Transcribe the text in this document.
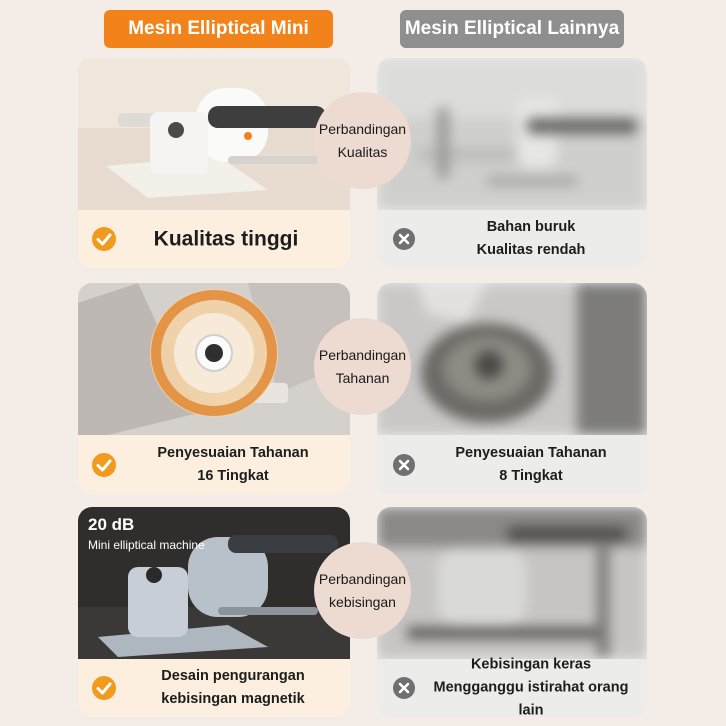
Mesin Elliptical Mini	Mesin Elliptical Lainnya
Kualitas tinggi
Bahan buruk
Kualitas rendah
Perbandingan
Kualitas
Penyesuaian Tahanan
16 Tingkat
Penyesuaian Tahanan
8 Tingkat
Perbandingan
Tahanan
20 dB
Mini elliptical machine
Desain pengurangan
kebisingan magnetik
Kebisingan keras
Mengganggu istirahat orang lain
Perbandingan
kebisingan
